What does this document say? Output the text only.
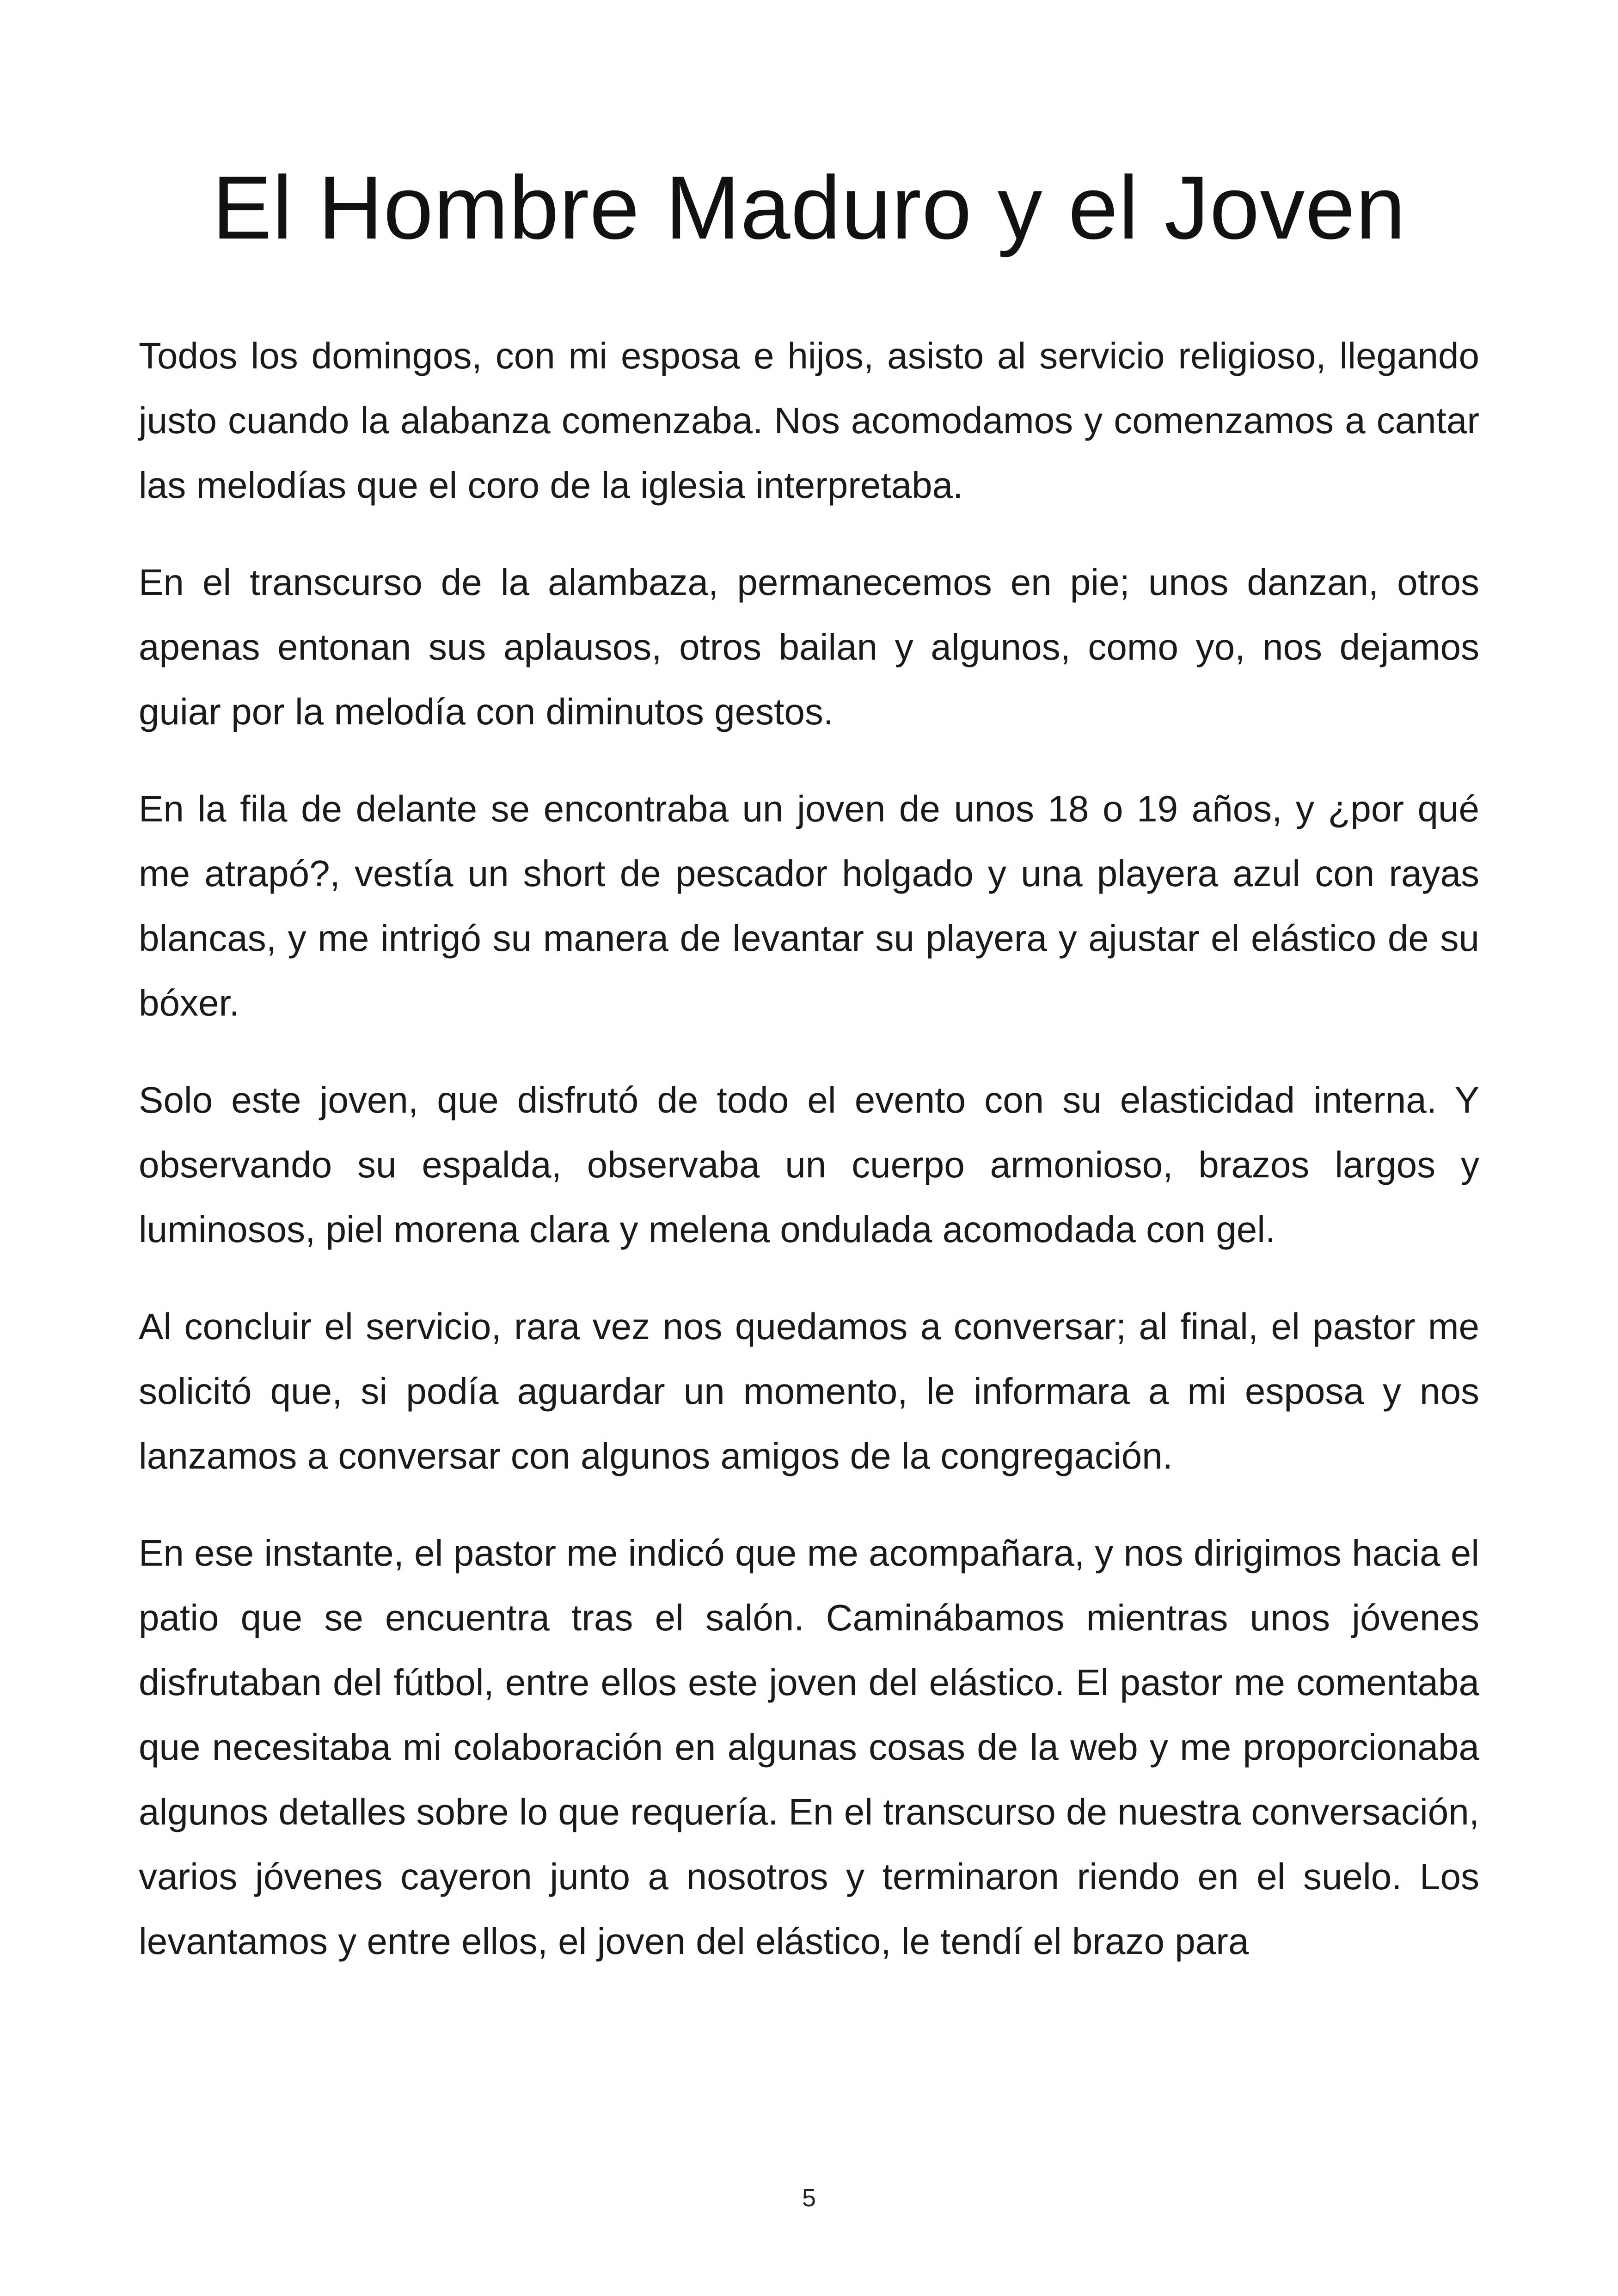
El Hombre Maduro y el Joven

Todos los domingos, con mi esposa e hijos, asisto al servicio religioso, llegando justo cuando la alabanza comenzaba. Nos acomodamos y comenzamos a cantar las melodías que el coro de la iglesia interpretaba.

En el transcurso de la alambaza, permanecemos en pie; unos danzan, otros apenas entonan sus aplausos, otros bailan y algunos, como yo, nos dejamos guiar por la melodía con diminutos gestos.

En la fila de delante se encontraba un joven de unos 18 o 19 años, y ¿por qué me atrapó?, vestía un short de pescador holgado y una playera azul con rayas blancas, y me intrigó su manera de levantar su playera y ajustar el elástico de su bóxer.

Solo este joven, que disfrutó de todo el evento con su elasticidad interna. Y observando su espalda, observaba un cuerpo armonioso, brazos largos y luminosos, piel morena clara y melena ondulada acomodada con gel.

Al concluir el servicio, rara vez nos quedamos a conversar; al final, el pastor me solicitó que, si podía aguardar un momento, le informara a mi esposa y nos lanzamos a conversar con algunos amigos de la congregación.

En ese instante, el pastor me indicó que me acompañara, y nos dirigimos hacia el patio que se encuentra tras el salón. Caminábamos mientras unos jóvenes disfrutaban del fútbol, entre ellos este joven del elástico. El pastor me comentaba que necesitaba mi colaboración en algunas cosas de la web y me proporcionaba algunos detalles sobre lo que requería. En el transcurso de nuestra conversación, varios jóvenes cayeron junto a nosotros y terminaron riendo en el suelo. Los levantamos y entre ellos, el joven del elástico, le tendí el brazo para

5
